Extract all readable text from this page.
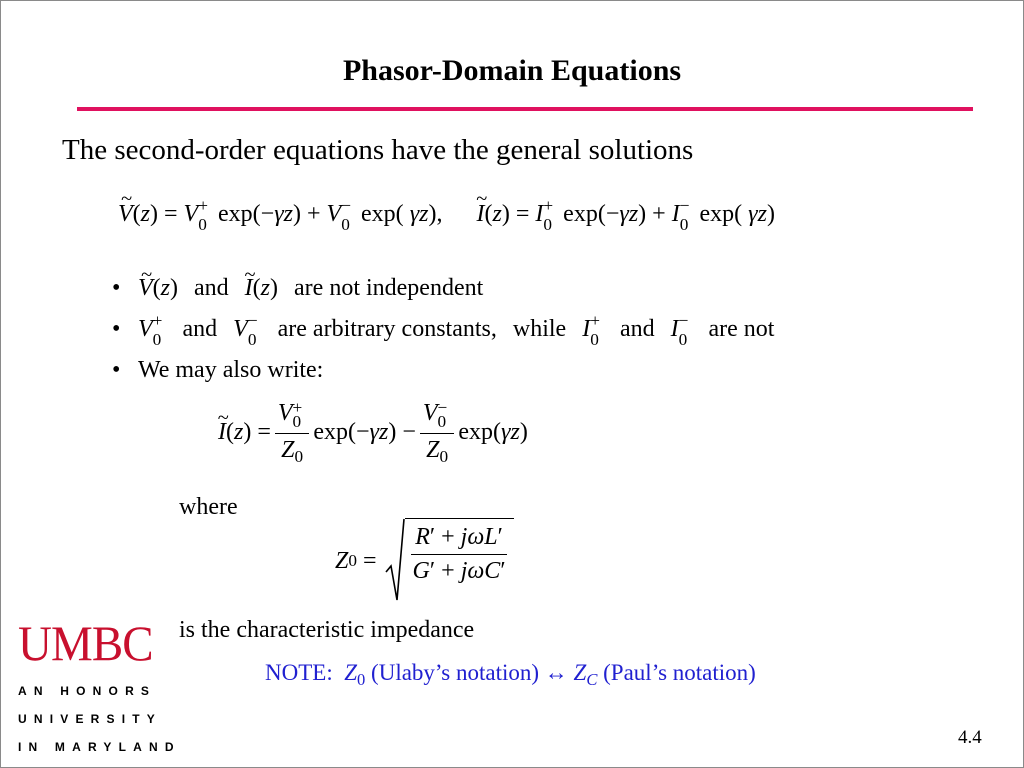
Phasor-Domain Equations
The second-order equations have the general solutions
~ V(z) = V +
0 exp(−γz) + V −
0 exp( γz),  ~ I(z) = I +
0 exp(−γz) + I −
0 exp( γz)
• ~ V(z) and ~ I(z) are not independent
• V +
0 and V −
0 are arbitrary constants, while I +
0 and I −
0 are not
• We may also write:
~ I ( z ) = V +
0
$Z_0$ exp(− γz ) − V −
0
$Z_0$ exp( γz )
where
Z $0 = \frac{\text{R′ + jωL′}}{\text{G′ + jωC′}}$
is the characteristic impedance
NOTE: $Z_0$ (Ulaby’s notation) ↔ $Z_C$ (Paul’s notation)
UMBC
AN HONORS
UNIVERSITY
IN MARYLAND	4.4
